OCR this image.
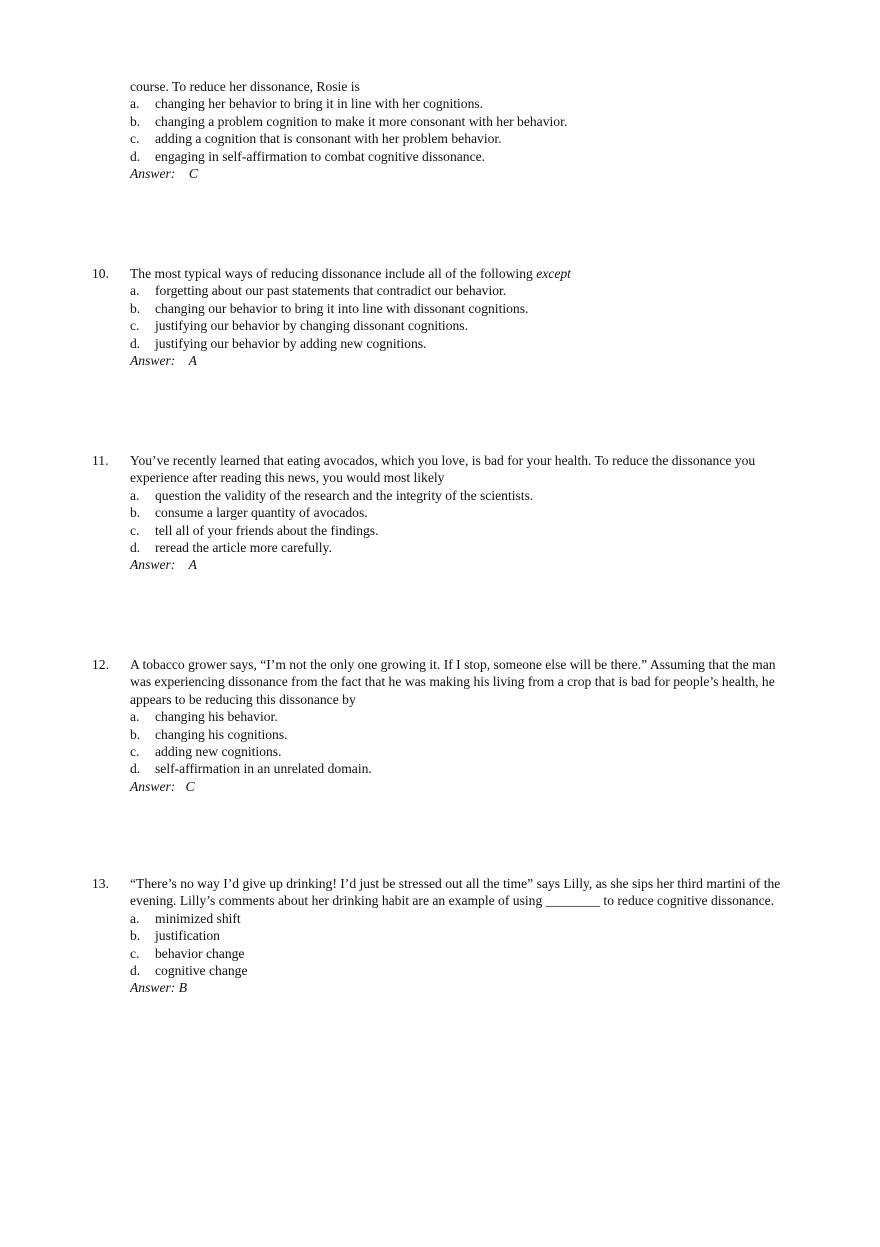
course. To reduce her dissonance, Rosie is
a. changing her behavior to bring it in line with her cognitions.
b. changing a problem cognition to make it more consonant with her behavior.
c. adding a cognition that is consonant with her problem behavior.
d. engaging in self-affirmation to combat cognitive dissonance.
Answer:    C
10. The most typical ways of reducing dissonance include all of the following except
a. forgetting about our past statements that contradict our behavior.
b. changing our behavior to bring it into line with dissonant cognitions.
c. justifying our behavior by changing dissonant cognitions.
d. justifying our behavior by adding new cognitions.
Answer:    A
11. You’ve recently learned that eating avocados, which you love, is bad for your health. To reduce the dissonance you experience after reading this news, you would most likely
a. question the validity of the research and the integrity of the scientists.
b. consume a larger quantity of avocados.
c. tell all of your friends about the findings.
d. reread the article more carefully.
Answer:    A
12. A tobacco grower says, “I’m not the only one growing it. If I stop, someone else will be there.” Assuming that the man was experiencing dissonance from the fact that he was making his living from a crop that is bad for people’s health, he appears to be reducing this dissonance by
a. changing his behavior.
b. changing his cognitions.
c. adding new cognitions.
d. self-affirmation in an unrelated domain.
Answer:   C
13. “There’s no way I’d give up drinking! I’d just be stressed out all the time” says Lilly, as she sips her third martini of the evening. Lilly’s comments about her drinking habit are an example of using ________ to reduce cognitive dissonance.
a. minimized shift
b. justification
c. behavior change
d. cognitive change
Answer: B
